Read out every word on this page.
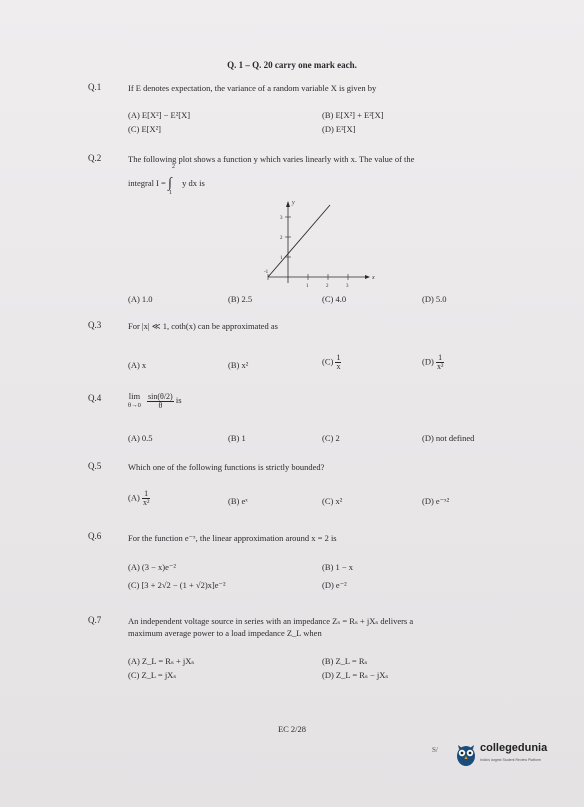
Q. 1 – Q. 20 carry one mark each.
Q.1	If E denotes expectation, the variance of a random variable X is given by
(A) E[X²] − E²[X]	(B) E[X²] + E²[X]
(C) E[X²]	(D) E²[X]
Q.2	The following plot shows a function y which varies linearly with x. The value of the
integral I =
2
∫
1
y dx is
y
x
3
2
1
-1
1	2	3
(A) 1.0	(B) 2.5	(C) 4.0	(D) 5.0
Q.3	For |x| ≪ 1, coth(x) can be approximated as
(A) x	(B) x²	$(C) \frac{1}{x}$	$(D) \frac{1}{\text{x²}}$
Q.4	lim
θ→0
$\frac{\sin(\theta/2)}{\theta}$ is
(A) 0.5	(B) 1	(C) 2	(D) not defined
Q.5	Which one of the following functions is strictly bounded?
$(A) \frac{1}{\text{x²}}$	(B) eˣ	(C) x²	(D) e⁻ˣ²
Q.6	For the function e⁻ˣ, the linear approximation around x = 2 is
(A) (3 − x)e⁻²	(B) 1 − x
(C) [3 + 2√2 − (1 + √2)x]e⁻²	(D) e⁻²
Q.7	An independent voltage source in series with an impedance Zₛ = Rₛ + jXₛ delivers a
maximum average power to a load impedance Z_L when
(A) Z_L = Rₛ + jXₛ	(B) Z_L = Rₛ
(C) Z_L = jXₛ	(D) Z_L = Rₛ − jXₛ
EC 2/28
S/	collegedunia
India's largest Student Review Platform
